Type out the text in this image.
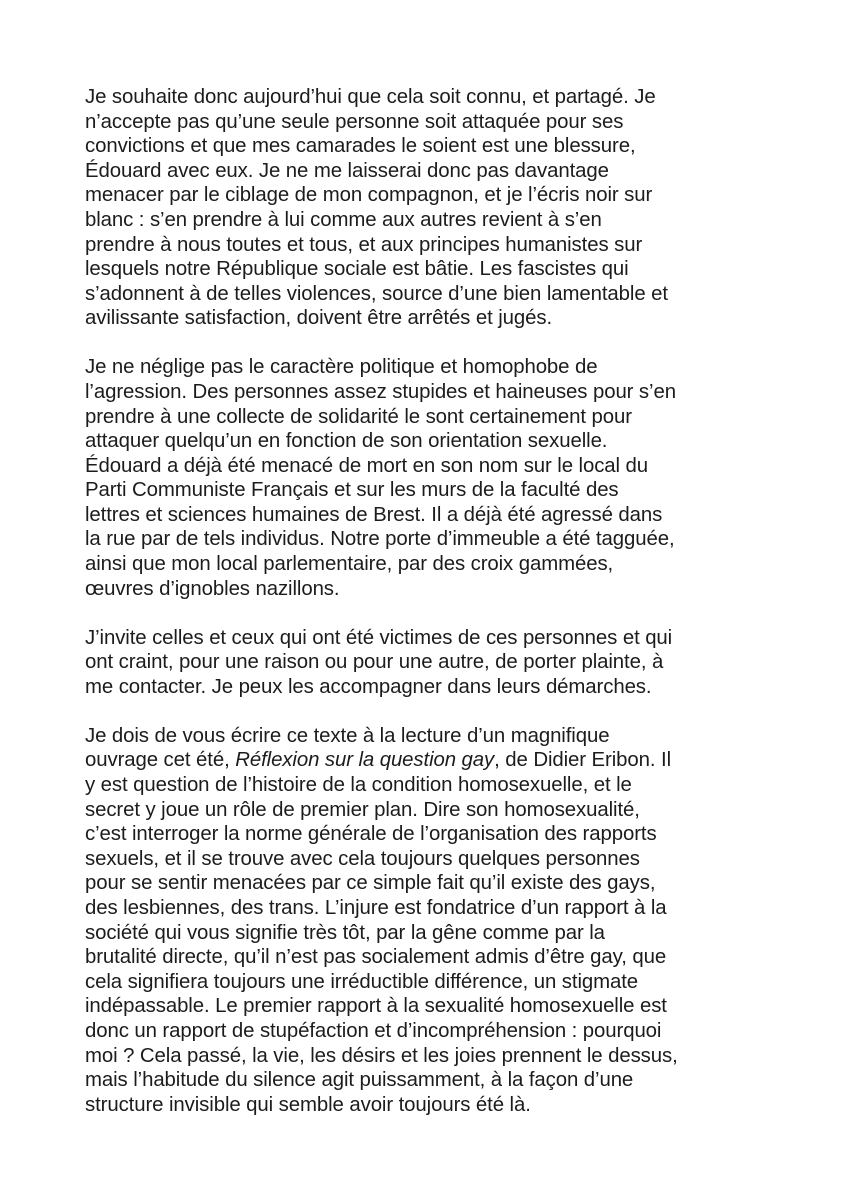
Je souhaite donc aujourd’hui que cela soit connu, et partagé. Je
n’accepte pas qu’une seule personne soit attaquée pour ses
convictions et que mes camarades le soient est une blessure,
Édouard avec eux. Je ne me laisserai donc pas davantage
menacer par le ciblage de mon compagnon, et je l’écris noir sur
blanc : s’en prendre à lui comme aux autres revient à s’en
prendre à nous toutes et tous, et aux principes humanistes sur
lesquels notre République sociale est bâtie. Les fascistes qui
s’adonnent à de telles violences, source d’une bien lamentable et
avilissante satisfaction, doivent être arrêtés et jugés.

Je ne néglige pas le caractère politique et homophobe de
l’agression. Des personnes assez stupides et haineuses pour s’en
prendre à une collecte de solidarité le sont certainement pour
attaquer quelqu’un en fonction de son orientation sexuelle.
Édouard a déjà été menacé de mort en son nom sur le local du
Parti Communiste Français et sur les murs de la faculté des
lettres et sciences humaines de Brest. Il a déjà été agressé dans
la rue par de tels individus. Notre porte d’immeuble a été tagguée,
ainsi que mon local parlementaire, par des croix gammées,
œuvres d’ignobles nazillons.

J’invite celles et ceux qui ont été victimes de ces personnes et qui
ont craint, pour une raison ou pour une autre, de porter plainte, à
me contacter. Je peux les accompagner dans leurs démarches.

Je dois de vous écrire ce texte à la lecture d’un magnifique
ouvrage cet été, Réflexion sur la question gay, de Didier Eribon. Il
y est question de l’histoire de la condition homosexuelle, et le
secret y joue un rôle de premier plan. Dire son homosexualité,
c’est interroger la norme générale de l’organisation des rapports
sexuels, et il se trouve avec cela toujours quelques personnes
pour se sentir menacées par ce simple fait qu’il existe des gays,
des lesbiennes, des trans. L’injure est fondatrice d’un rapport à la
société qui vous signifie très tôt, par la gêne comme par la
brutalité directe, qu’il n’est pas socialement admis d’être gay, que
cela signifiera toujours une irréductible différence, un stigmate
indépassable. Le premier rapport à la sexualité homosexuelle est
donc un rapport de stupéfaction et d’incompréhension : pourquoi
moi ? Cela passé, la vie, les désirs et les joies prennent le dessus,
mais l’habitude du silence agit puissamment, à la façon d’une
structure invisible qui semble avoir toujours été là.
